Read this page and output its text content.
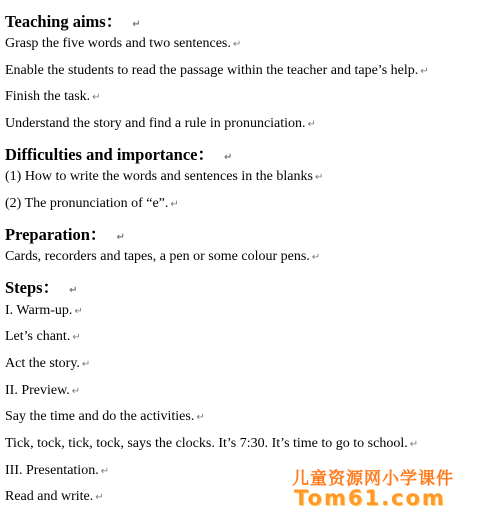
Teaching aims： ↵
Grasp the five words and two sentences. ↵
Enable the students to read the passage within the teacher and tape’s help. ↵
Finish the task. ↵
Understand the story and find a rule in pronunciation. ↵
Difficulties and importance： ↵
(1) How to write the words and sentences in the blanks ↵
(2) The pronunciation of “e”. ↵
Preparation： ↵
Cards, recorders and tapes, a pen or some colour pens. ↵
Steps： ↵
I. Warm-up. ↵
Let’s chant. ↵
Act the story. ↵
II. Preview. ↵
Say the time and do the activities. ↵
Tick, tock, tick, tock, says the clocks. It’s 7:30. It’s time to go to school. ↵
III. Presentation. ↵
Read and write. ↵
儿童资源网小学课件
Tom61.com
